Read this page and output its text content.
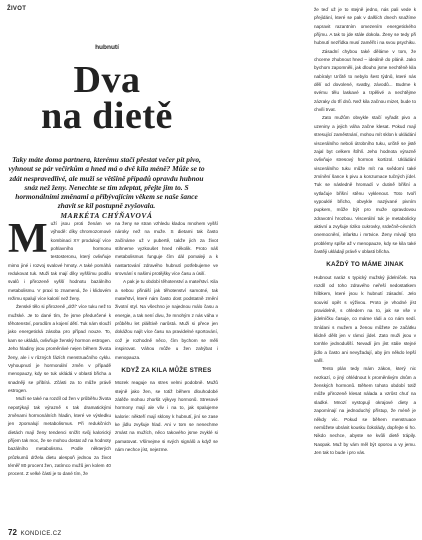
ŽIVOT
hubnutí
Dva
na dietě
Taky máte doma partnera, kterému stačí přestat večer pít pivo, vyhnout se pár večírkům a hned má o dvě kila méně? Může se to zdát nespravedlivé, ale muži se většině případů opravdu hubnou snáz než ženy. Nenechte se tím zdeptat, přejte jim to. S hormonálními změnami a přibývajícím věkem se naše šance zhavit se kil postupně zvyšovala.
MARKÉTA CHÝŇAVOVÁ

Muží jsou proti ženám ve výhodě: díky chromozomové kombinaci XY produkují více pohlavního hormonu testosteronu, který ovlivňuje mimo jiné i rozvoj svalové hmoty. A také pomáhá redukovat tuk. Muži tak mají díky vyššímu podílu svalů i přirozeně vyšší hodnotu bazálního metabolismu. V praxi to znamená, že i klidovém režimu spalují více kalorií než ženy.

Ženské tělo si přirozeně „drží“ více tuku než to mužské. Je to dané tím, že jsme předurčené k těhotenství, porodům a kojení dětí. Tuk nám slouží jako energetická zásoba pro případ nouze. To, kam se ukládá, ovlivňuje ženský hormon estrogen. Jeho hladiny jsou proměnlivé nejen během života ženy, ale i v různých fázích menstruačního cyklu. Vyhoupnutí je hormonální změn v případě menopauzy, kdy se tuk ukládá v oblasti břicha a snadněji se přibírá. Zčásti za to může právě estrogen.

Muži se také na rozdíl od žen v průběhu života nepotýkají tak výrazně s tak dramatickými změnami hormonálních hladin, které ve výsledku jen zpomalují metabolismus. Při redukčních dietách mají ženy tendenci snížit svůj kalorický příjem tak moc, že se mohou dostat až na hodnoty bazálního metabolismu. Podle některých průzkumů držela dietu alespoň jednou za život téměř 80 procent žen, zatímco mužů jen kolem 40 procent. Z velké části je to dané tím, že

na ženy se stran vzhledu kladou mnohem vyšší nároky než na muže. S dietami tak často začínáme už v pubertě, takže jich za život stihneme vyzkoušet hned několik. Proto náš metabolismus funguje čím dál pomaleji a k nastartování zdravého hubnutí potřebujeme ve srovnání s našimi protějšky více času a úsilí.

A pak je tu období těhotenství a mateřství. Kila a sebou přináší jak těhotenství samotné, tak mateřství, které nám často dost podstatně změní životní styl. Na všechno je najednou málo času a energie, a tak není divu, že mnohým z nás váha v průběhu let pláštivě narůstá. Muži si přece jen dokážou najít více času na pravidelné sportování, což je rozhodně něco, čím bychom se měli inspirovat. Váhou může u žen zahýbat i menopauza.

KDYŽ ZA KILA MŮŽE STRES

Mozek reaguje na stres velmi podobně. Mužů stejně jako žen, se totiž během dlouhodobé zátěže mohou zhoršit výkyvy hormonů. Stresové hormony mají ale vliv i na to, jak spalujeme kalorie: někteří mají sklony k hubnutí, jiní se zase ke jídlu zvyšuje hlad. Ani v tom se nenechme zmást na mužích, něco takového jsme zvyklé si pamatovat. Všímejme si svých signálů a když se nám nechce jíst, nejezme.

že teď už je to stejně jedno, nás pali vede k přejídání, které se pak v dalších dnech snažíme napravit razantním omezením energetického příjmu. A tak to jde stále dokola. Ženy se tedy při hubnutí nezřídka musí zaměřit i na svou psychiku.

Zásadní chybou také děláme v tom, že chceme zhubnout hned – ideálně do pláně. Jako bychom zapomněli, jak dlouho jsme nechtěně kila nabíraly! Určitě to nebylo šest týdnů, které nás dělí od dovolené, svatby, závodů... Budme k svému tělu laskavé a trpělivé a nechtějme zázraky do tří dnů. Než kila začnou mizet, bude to chvíli trvat.

Zato mužům obvykle stačí vyřadit pivo a uzeniny a jejich váha začne klesat. Pokud mají stresující zaměstnání, mohou mít sklon k ukládání viscerálního neboli útrobního tuku, určitě se jistě zajal byt celkem štíhlí. Jeho hodnota výrazně ovlivňuje stresový hormon kortizol. Ukládání viscerálního tuku může mít na svědomí také zmínění šance k pivu a konzumace tučných jídel. Tuk se následně hromadí v dutině břišní a vytlačuje břišní stěnu vyklenout. Toto tvoří vypouklé břicho, obvykle nazývané pivním pupkem, může být pro muže opravdovou zdravotní hrozbou. Viscerální tuk je metabolicky aktivní a zvyšuje riziko cukrovky, srdečně-cévních onemocnění, infarktu i mrtvice. Ženy mívají tyto problémy spíše až v menopauze, kdy se kila také častěji ukládají právě v oblasti břicha.

KAŽDÝ TO MÁME JINAK

Hubnout naráz s typický mužský jídelníček. Na rozdíl od toho zdravého neřeší nedostatkem hlíbkem, které jsou k hubnutí zásadní. Jelo souvisí opět s výživou. Proto je vhodné jíst pravidelně, s ohledem na to, jak se vše v jídelníčku časuje, co máme rádi a co nám sedí. Snídani s mužem a ženou můžete ze začátku klidně dělit jen v rámci jídel. Zato muži jsou v tomhle jednodušší. Nevadí jim jíst stále stejné jídlo a často ani nevyžadují, aby jim někdo lepší vařil.

Tento plán tedy mám zákon, který nic nezkazí, o jiný ohlédnout k proměnlivým dnům a ženských hormonů. Během tohoto období totiž může přirozeně klesat nálada a vzrůst chuť na sladké. Mnozí vystopují okrajové diety a zapomínají na jednoduchý přístup, že méně je někdy víc. Pokud se během menstruace nemůžete ubránit kousku čokolády, dopřejte si ho. Nikdo nechce, abyste se kvůli dietě trápily. Naopak. Muž by vám měl být oporou a vy jemu. Jen tak to bude i pro vás.

72 KONDICE.CZ
